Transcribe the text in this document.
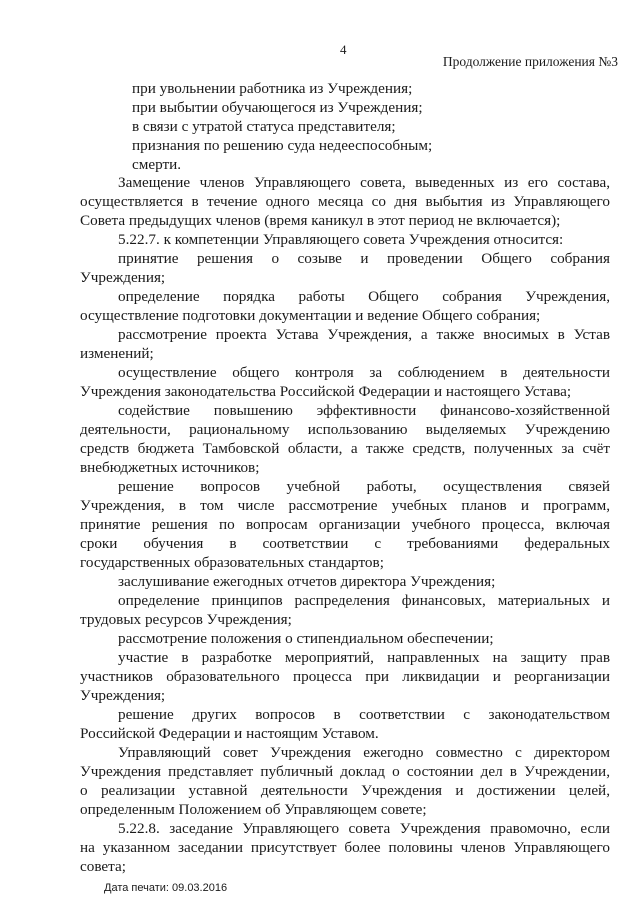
4
Продолжение приложения №3
при увольнении работника из Учреждения;
при выбытии обучающегося из Учреждения;
в связи с утратой статуса представителя;
признания по решению суда недееспособным;
смерти.
Замещение членов Управляющего совета, выведенных из его состава,
осуществляется в течение одного месяца со дня выбытия из Управляющего
Совета предыдущих членов (время каникул в этот период не включается);
5.22.7. к компетенции Управляющего совета Учреждения относится:
принятие решения о созыве и проведении Общего собрания
Учреждения;
определение порядка работы Общего собрания Учреждения,
осуществление подготовки документации и ведение Общего собрания;
рассмотрение проекта Устава Учреждения, а также вносимых в Устав
изменений;
осуществление общего контроля за соблюдением в деятельности
Учреждения законодательства Российской Федерации и настоящего Устава;
содействие повышению эффективности финансово-хозяйственной
деятельности, рациональному использованию выделяемых Учреждению
средств бюджета Тамбовской области, а также средств, полученных за счёт
внебюджетных источников;
решение вопросов учебной работы, осуществления связей
Учреждения, в том числе рассмотрение учебных планов и программ,
принятие решения по вопросам организации учебного процесса, включая
сроки обучения в соответствии с требованиями федеральных
государственных образовательных стандартов;
заслушивание ежегодных отчетов директора Учреждения;
определение принципов распределения финансовых, материальных и
трудовых ресурсов Учреждения;
рассмотрение положения о стипендиальном обеспечении;
участие в разработке мероприятий, направленных на защиту прав
участников образовательного процесса при ликвидации и реорганизации
Учреждения;
решение других вопросов в соответствии с законодательством
Российской Федерации и настоящим Уставом.
Управляющий совет Учреждения ежегодно совместно с директором
Учреждения представляет публичный доклад о состоянии дел в Учреждении,
о реализации уставной деятельности Учреждения и достижении целей,
определенным Положением об Управляющем совете;
5.22.8. заседание Управляющего совета Учреждения правомочно, если
на указанном заседании присутствует более половины членов Управляющего
совета;
Дата печати: 09.03.2016
